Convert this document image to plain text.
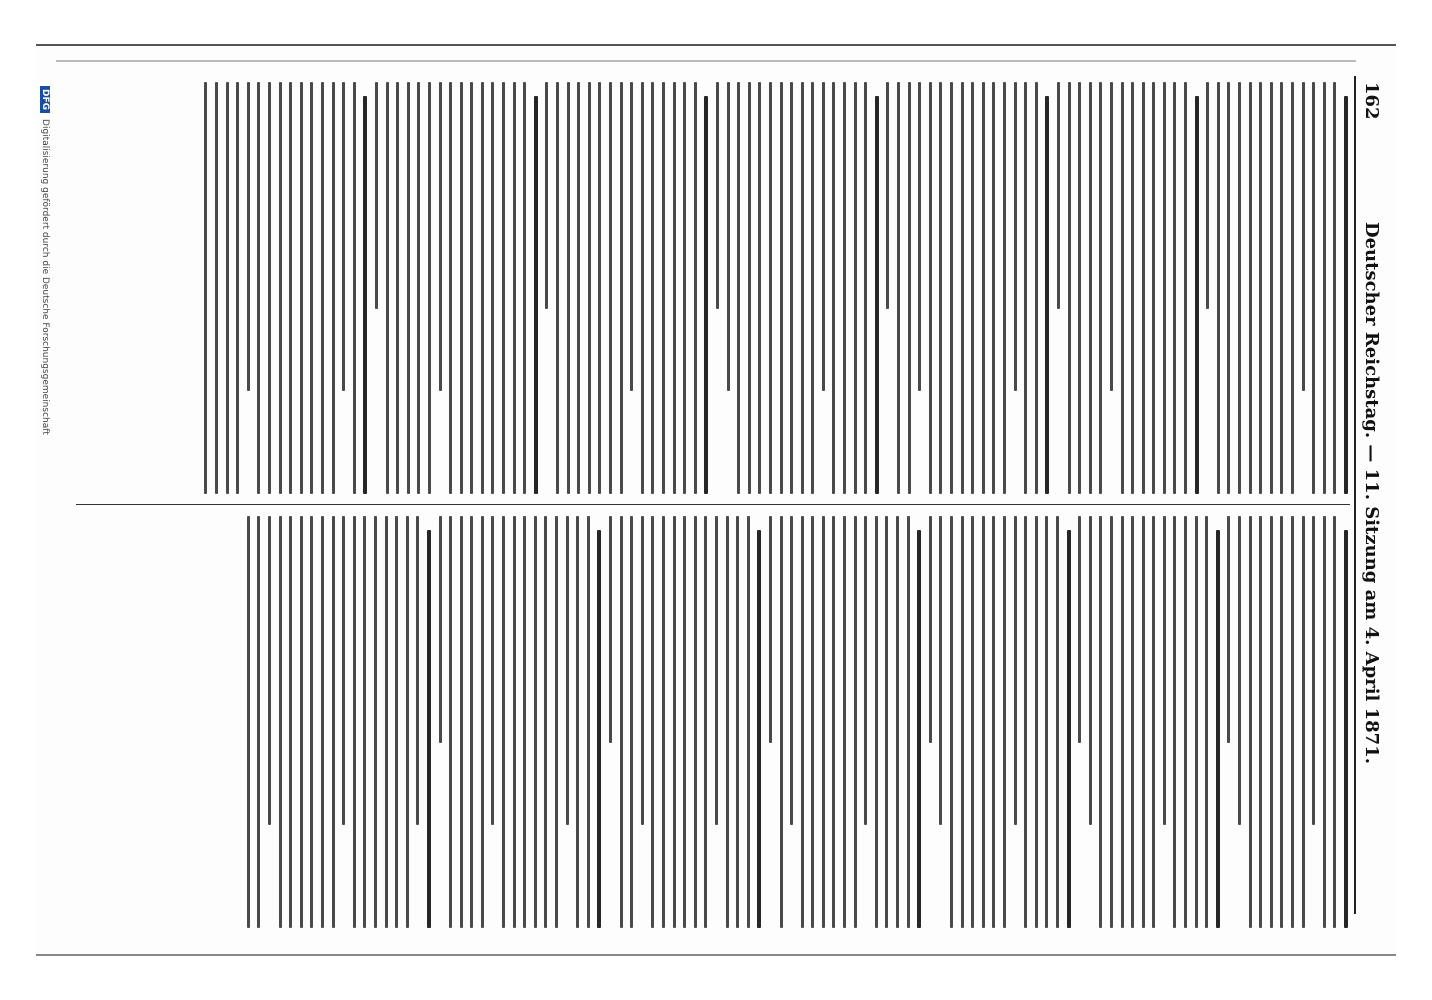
162
Deutscher Reichstag. — 11. Sitzung am 4. April 1871.
DFGDigitalisierung gefördert durch die Deutsche Forschungsgemeinschaft
